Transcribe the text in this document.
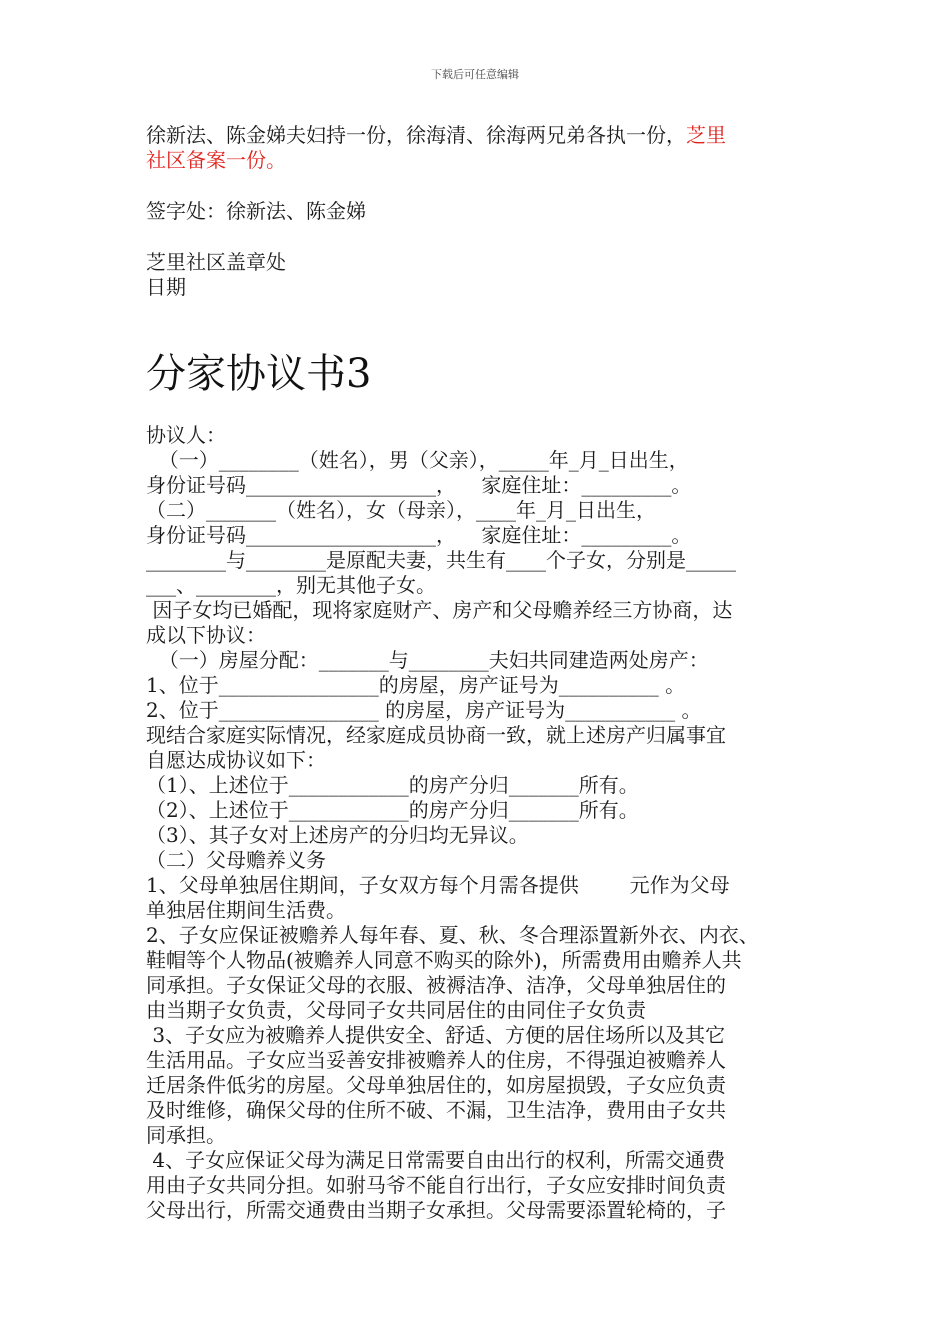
下载后可任意编辑
徐新法、陈金娣夫妇持一份，徐海清、徐海两兄弟各执一份，芝里
社区备案一份。
签字处：徐新法、陈金娣
芝里社区盖章处
日期
分家协议书3
协议人：
（一）________（姓名），男（父亲），_____年_月_日出生，
身份证号码___________________，    家庭住址：_________。
（二）_______（姓名），女（母亲），____年_月_日出生，
身份证号码___________________，    家庭住址：_________。
________与________是原配夫妻，共生有____个子女，分别是_____
___、________，别无其他子女。
因子女均已婚配，现将家庭财产、房产和父母赡养经三方协商，达
成以下协议：
（一）房屋分配：_______与________夫妇共同建造两处房产：
1、位于________________的房屋，房产证号为__________ 。
2、位于________________ 的房屋，房产证号为___________ 。
现结合家庭实际情况，经家庭成员协商一致，就上述房产归属事宜
自愿达成协议如下：
（1）、上述位于____________的房产分归_______所有。
（2）、上述位于____________的房产分归_______所有。
（3）、其子女对上述房产的分归均无异议。
（二）父母赡养义务
1、父母单独居住期间，子女双方每个月需各提供        元作为父母
单独居住期间生活费。
2、子女应保证被赡养人每年春、夏、秋、冬合理添置新外衣、内衣、
鞋帽等个人物品(被赡养人同意不购买的除外)，所需费用由赡养人共
同承担。子女保证父母的衣服、被褥洁净、洁净，父母单独居住的
由当期子女负责，父母同子女共同居住的由同住子女负责
3、子女应为被赡养人提供安全、舒适、方便的居住场所以及其它
生活用品。子女应当妥善安排被赡养人的住房，不得强迫被赡养人
迁居条件低劣的房屋。父母单独居住的，如房屋损毁，子女应负责
及时维修，确保父母的住所不破、不漏，卫生洁净，费用由子女共
同承担。
4、子女应保证父母为满足日常需要自由出行的权利，所需交通费
用由子女共同分担。如驸马爷不能自行出行，子女应安排时间负责
父母出行，所需交通费由当期子女承担。父母需要添置轮椅的，子
